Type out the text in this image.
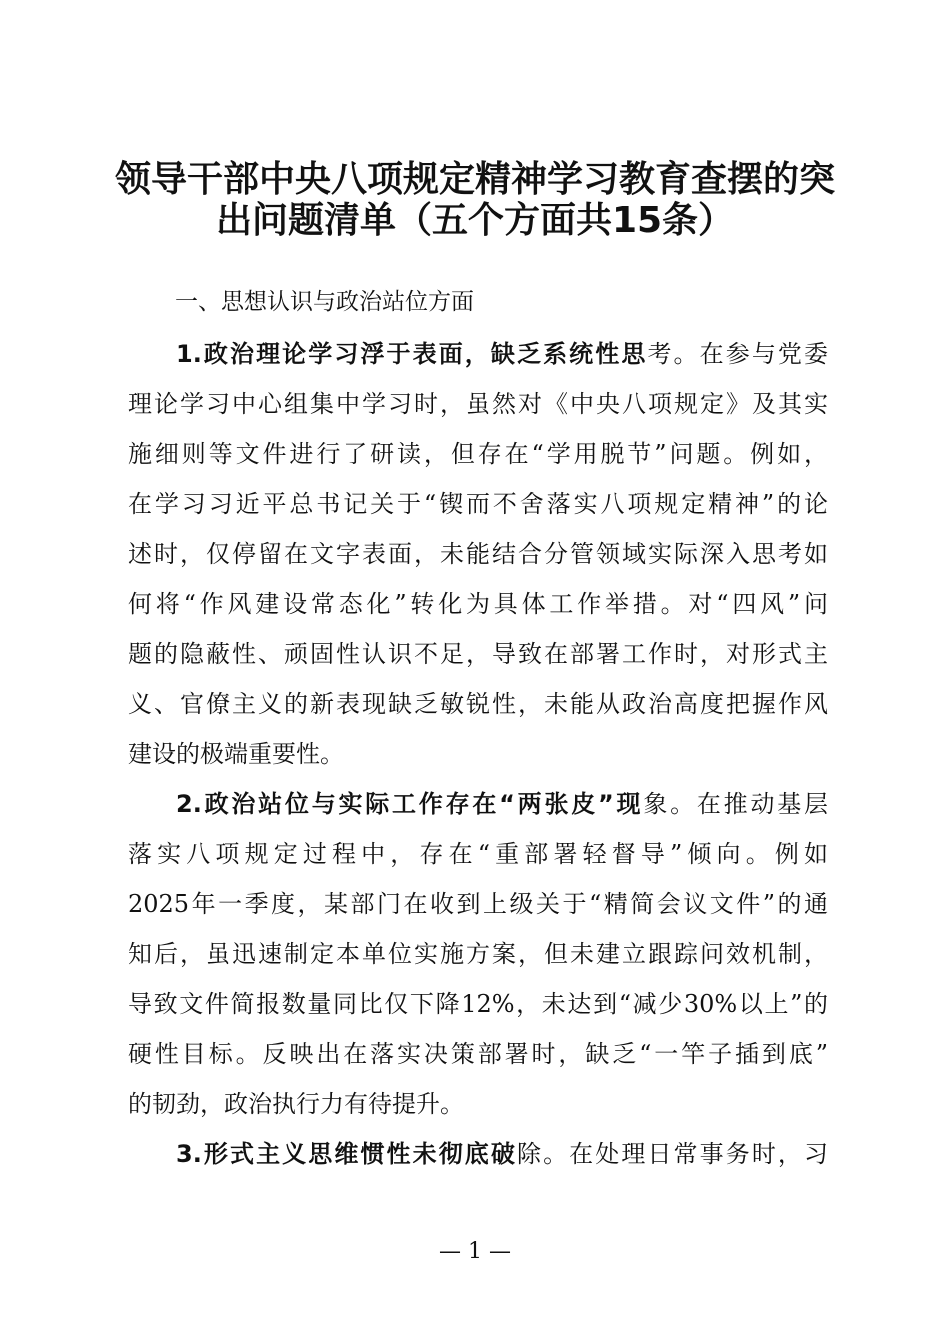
领导干部中央八项规定精神学习教育查摆的突
出问题清单（五个方面共15条）
一、思想认识与政治站位方面
1.政治理论学习浮于表面，缺乏系统性思考。在参与党委
理论学习中心组集中学习时，虽然对《中央八项规定》及其实
施细则等文件进行了研读，但存在“学用脱节”问题。例如，
在学习习近平总书记关于“锲而不舍落实八项规定精神”的论
述时，仅停留在文字表面，未能结合分管领域实际深入思考如
何将“作风建设常态化”转化为具体工作举措。对“四风”问
题的隐蔽性、顽固性认识不足，导致在部署工作时，对形式主
义、官僚主义的新表现缺乏敏锐性，未能从政治高度把握作风
建设的极端重要性。
2.政治站位与实际工作存在“两张皮”现象。在推动基层
落实八项规定过程中，存在“重部署轻督导”倾向。例如
2025年一季度，某部门在收到上级关于“精简会议文件”的通
知后，虽迅速制定本单位实施方案，但未建立跟踪问效机制，
导致文件简报数量同比仅下降12%，未达到“减少30%以上”的
硬性目标。反映出在落实决策部署时，缺乏“一竿子插到底”
的韧劲，政治执行力有待提升。
3.形式主义思维惯性未彻底破除。在处理日常事务时，习
— 1 —
